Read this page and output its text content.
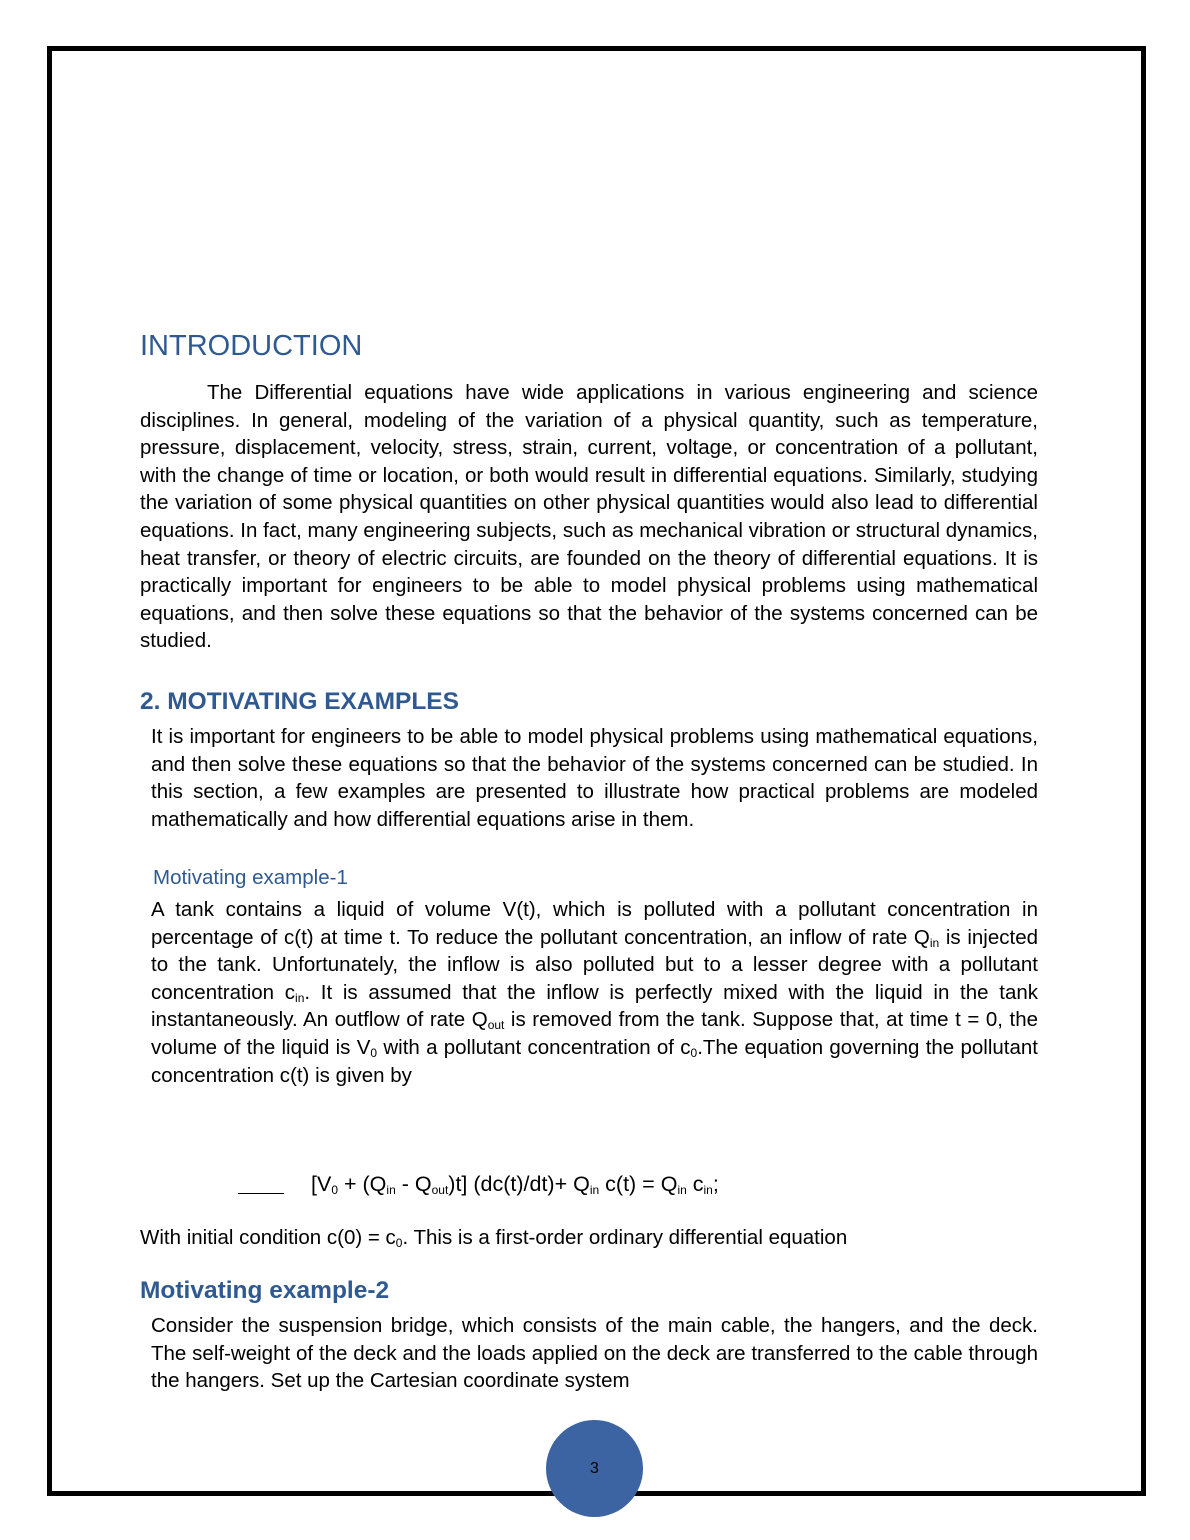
INTRODUCTION

The Differential equations have wide applications in various engineering and science disciplines. In general, modeling of the variation of a physical quantity, such as temperature, pressure, displacement, velocity, stress, strain, current, voltage, or concentration of a pollutant, with the change of time or location, or both would result in differential equations. Similarly, studying the variation of some physical quantities on other physical quantities would also lead to differential equations. In fact, many engineering subjects, such as mechanical vibration or structural dynamics, heat transfer, or theory of electric circuits, are founded on the theory of differential equations. It is practically important for engineers to be able to model physical problems using mathematical equations, and then solve these equations so that the behavior of the systems concerned can be studied.

2. MOTIVATING EXAMPLES

It is important for engineers to be able to model physical problems using mathematical equations, and then solve these equations so that the behavior of the systems concerned can be studied. In this section, a few examples are presented to illustrate how practical problems are modeled mathematically and how differential equations arise in them.

Motivating example-1

A tank contains a liquid of volume V(t), which is polluted with a pollutant concentration in percentage of c(t) at time t. To reduce the pollutant concentration, an inflow of rate $Q_{in}$ is injected to the tank. Unfortunately, the inflow is also polluted but to a lesser degree with a pollutant concentration $c_{in}$. It is assumed that the inflow is perfectly mixed with the liquid in the tank instantaneously. An outflow of rate $Q_{out}$ is removed from the tank. Suppose that, at time t = 0, the volume of the liquid is $V_0$ with a pollutant concentration of $c_0.The$ equation governing the pollutant concentration c(t) is given by

$[V_0 + (Q_{in} - Q_{out})t]$ $(dc(t)/dt)+ Q_{in}$ $c(t) = Q_{in}$ $c_{in}$;

With initial condition $c(0) = c_0$. This is a first-order ordinary differential equation

Motivating example-2

Consider the suspension bridge, which consists of the main cable, the hangers, and the deck. The self-weight of the deck and the loads applied on the deck are transferred to the cable through the hangers. Set up the Cartesian coordinate system

3
